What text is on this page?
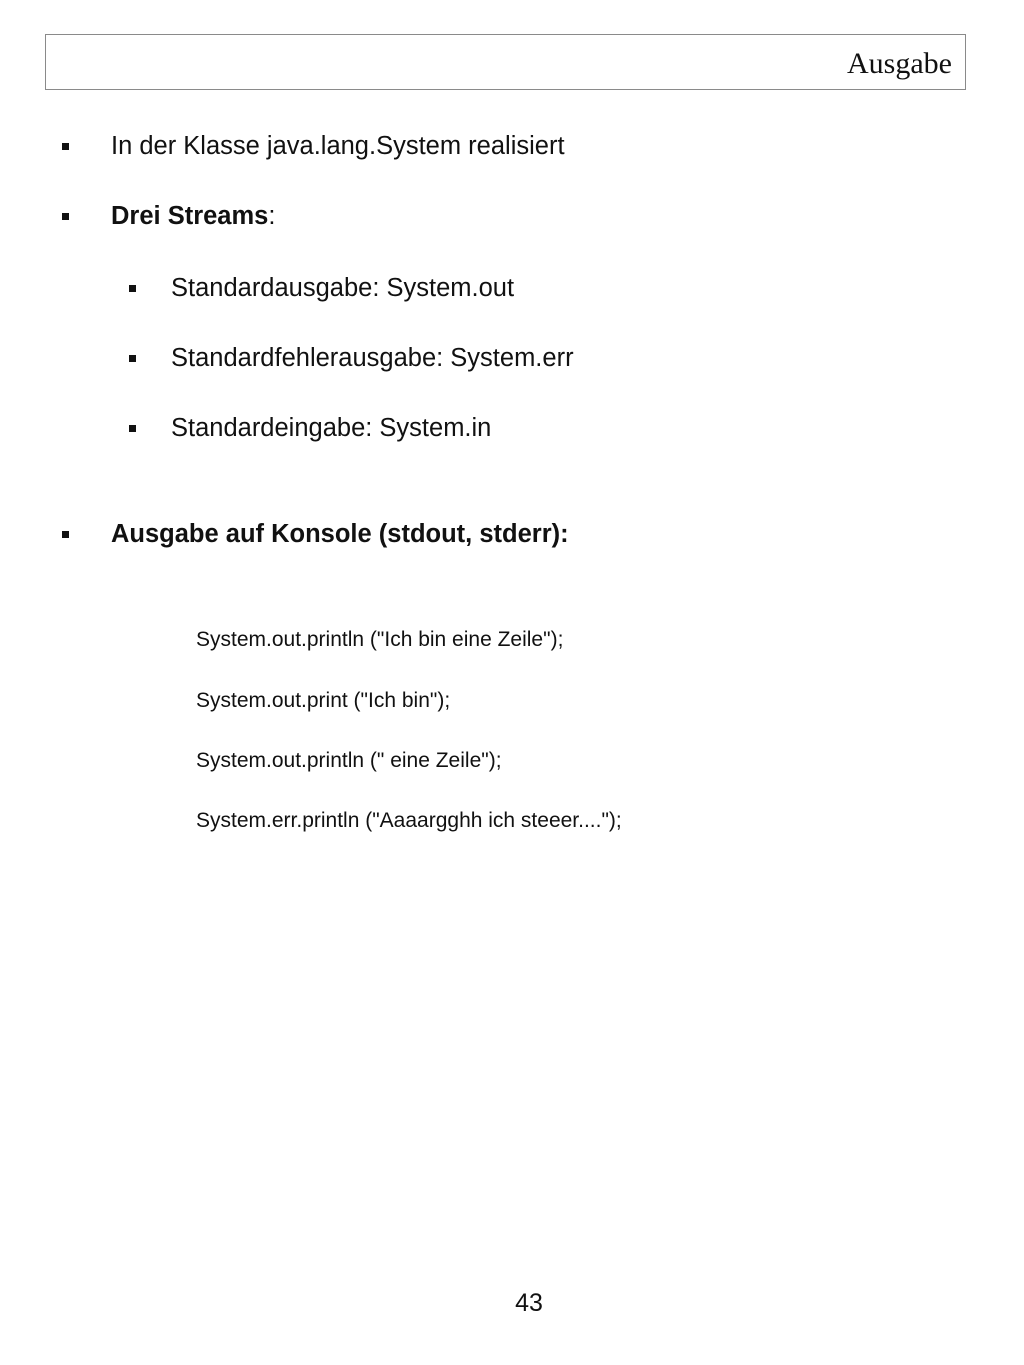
Ausgabe
In der Klasse java.lang.System realisiert
Drei Streams:
Standardausgabe: System.out
Standardfehlerausgabe: System.err
Standardeingabe: System.in
Ausgabe auf Konsole (stdout, stderr):
System.out.println ("Ich bin eine Zeile");
System.out.print ("Ich bin");
System.out.println (" eine Zeile");
System.err.println ("Aaaargghh ich steeer....");
43
